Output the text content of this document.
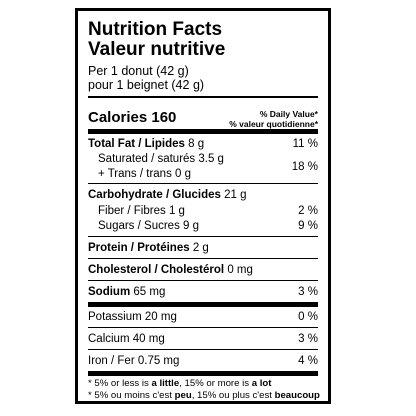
Nutrition Facts
Valeur nutritive
Per 1 donut (42 g)
pour 1 beignet (42 g)
Calories 160	% Daily Value*
% valeur quotidienne*
Total Fat / Lipides 8 g	11 %
Saturated / saturés 3.5 g
+ Trans / trans 0 g
18 %
Carbohydrate / Glucides 21 g
Fiber / Fibres 1 g	2 %
Sugars / Sucres 9 g	9 %
Protein / Protéines 2 g
Cholesterol / Cholestérol 0 mg
Sodium 65 mg	3 %
Potassium 20 mg	0 %
Calcium 40 mg	3 %
Iron / Fer 0.75 mg	4 %
* 5% or less is a little, 15% or more is a lot
* 5% ou moins c'est peu, 15% ou plus c'est beaucoup
